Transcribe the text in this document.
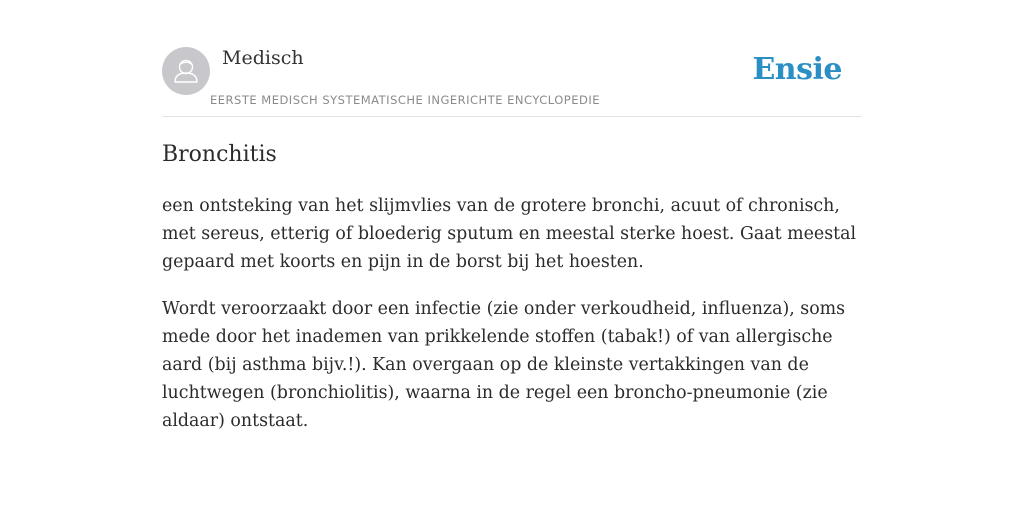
Medisch
EERSTE MEDISCH SYSTEMATISCHE INGERICHTE ENCYCLOPEDIE
Ensie
Bronchitis

een ontsteking van het slijmvlies van de grotere bronchi, acuut of chronisch, met sereus, etterig of bloederig sputum en meestal sterke hoest. Gaat meestal gepaard met koorts en pijn in de borst bij het hoesten.

Wordt veroorzaakt door een infectie (zie onder verkoudheid, influenza), soms mede door het inademen van prikkelende stoffen (tabak!) of van allergische aard (bij asthma bijv.!). Kan overgaan op de kleinste vertakkingen van de luchtwegen (bronchiolitis), waarna in de regel een broncho-pneumonie (zie aldaar) ontstaat.
